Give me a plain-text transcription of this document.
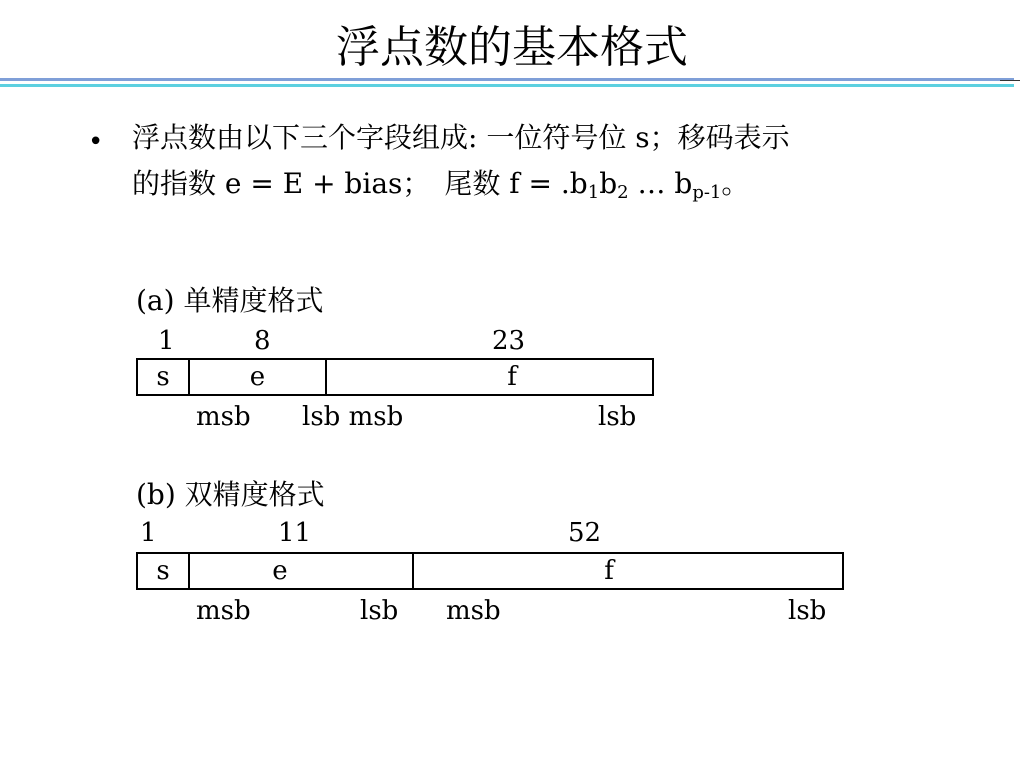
浮点数的基本格式
• 浮点数由以下三个字段组成: 一位符号位 s；移码表示
的指数 e = E + bias；　尾数 $f = .b_1b_2$ … $b_{p-1}$。
(a) 单精度格式
1	8	23
s	e	f
msb lsb msb	lsb
(b) 双精度格式
1	11	52
s	e	f
msb	lsb msb	lsb
